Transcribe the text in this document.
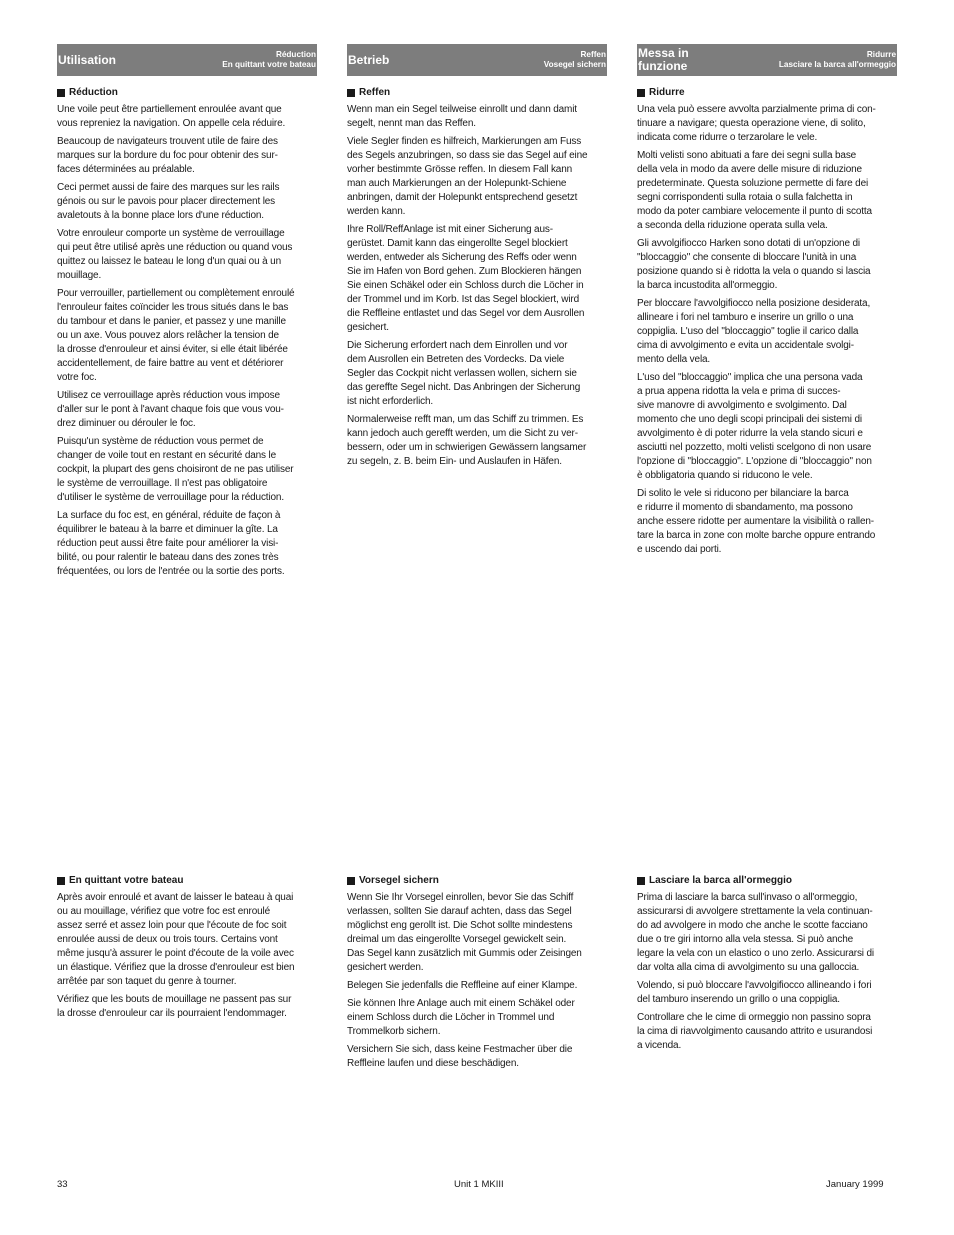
Utilisation	Réduction
En quittant votre bateau	Betrieb	Reffen
Vosegel sichern
Messa in
funzione
Ridurre
Lasciare la barca all'ormeggio
Réduction

Une voile peut être partiellement enroulée avant que
vous repreniez la navigation. On appelle cela réduire.

Beaucoup de navigateurs trouvent utile de faire des
marques sur la bordure du foc pour obtenir des sur-
faces déterminées au préalable.

Ceci permet aussi de faire des marques sur les rails
génois ou sur le pavois pour placer directement les
avaletouts à la bonne place lors d'une réduction.

Votre enrouleur comporte un système de verrouillage
qui peut être utilisé après une réduction ou quand vous
quittez ou laissez le bateau le long d'un quai ou à un
mouillage.

Pour verrouiller, partiellement ou complètement enroulé
l'enrouleur faites coïncider les trous situés dans le bas
du tambour et dans le panier, et passez y une manille
ou un axe. Vous pouvez alors relâcher la tension de
la drosse d'enrouleur et ainsi éviter, si elle était libérée
accidentellement, de faire battre au vent et détériorer
votre foc.

Utilisez ce verrouillage après réduction vous impose
d'aller sur le pont à l'avant chaque fois que vous vou-
drez diminuer ou dérouler le foc.

Puisqu'un système de réduction vous permet de
changer de voile tout en restant en sécurité dans le
cockpit, la plupart des gens choisiront de ne pas utiliser
le système de verrouillage. Il n'est pas obligatoire
d'utiliser le système de verrouillage pour la réduction.

La surface du foc est, en général, réduite de façon à
équilibrer le bateau à la barre et diminuer la gîte. La
réduction peut aussi être faite pour améliorer la visi-
bilité, ou pour ralentir le bateau dans des zones très
fréquentées, ou lors de l'entrée ou la sortie des ports.

Reffen

Wenn man ein Segel teilweise einrollt und dann damit
segelt, nennt man das Reffen.

Viele Segler finden es hilfreich, Markierungen am Fuss
des Segels anzubringen, so dass sie das Segel auf eine
vorher bestimmte Grösse reffen. In diesem Fall kann
man auch Markierungen an der Holepunkt-Schiene
anbringen, damit der Holepunkt entsprechend gesetzt
werden kann.

Ihre Roll/ReffAnlage ist mit einer Sicherung aus-
gerüstet. Damit kann das eingerollte Segel blockiert
werden, entweder als Sicherung des Reffs oder wenn
Sie im Hafen von Bord gehen. Zum Blockieren hängen
Sie einen Schäkel oder ein Schloss durch die Löcher in
der Trommel und im Korb. Ist das Segel blockiert, wird
die Reffleine entlastet und das Segel vor dem Ausrollen
gesichert.

Die Sicherung erfordert nach dem Einrollen und vor
dem Ausrollen ein Betreten des Vordecks. Da viele
Segler das Cockpit nicht verlassen wollen, sichern sie
das gereffte Segel nicht. Das Anbringen der Sicherung
ist nicht erforderlich.

Normalerweise refft man, um das Schiff zu trimmen. Es
kann jedoch auch gerefft werden, um die Sicht zu ver-
bessern, oder um in schwierigen Gewässern langsamer
zu segeln, z. B. beim Ein- und Auslaufen in Häfen.

Ridurre

Una vela può essere avvolta parzialmente prima di con-
tinuare a navigare; questa operazione viene, di solito,
indicata come ridurre o terzarolare le vele.

Molti velisti sono abituati a fare dei segni sulla base
della vela in modo da avere delle misure di riduzione
predeterminate. Questa soluzione permette di fare dei
segni corrispondenti sulla rotaia o sulla falchetta in
modo da poter cambiare velocemente il punto di scotta
a seconda della riduzione operata sulla vela.

Gli avvolgifiocco Harken sono dotati di un'opzione di
"bloccaggio" che consente di bloccare l'unità in una
posizione quando si è ridotta la vela o quando si lascia
la barca incustodita all'ormeggio.

Per bloccare l'avvolgifiocco nella posizione desiderata,
allineare i fori nel tamburo e inserire un grillo o una
coppiglia. L'uso del "bloccaggio" toglie il carico dalla
cima di avvolgimento e evita un accidentale svolgi-
mento della vela.

L'uso del "bloccaggio" implica che una persona vada
a prua appena ridotta la vela e prima di succes-
sive manovre di avvolgimento e svolgimento. Dal
momento che uno degli scopi principali dei sistemi di
avvolgimento è di poter ridurre la vela stando sicuri e
asciutti nel pozzetto, molti velisti scelgono di non usare
l'opzione di "bloccaggio". L'opzione di "bloccaggio" non
è obbligatoria quando si riducono le vele.

Di solito le vele si riducono per bilanciare la barca
e ridurre il momento di sbandamento, ma possono
anche essere ridotte per aumentare la visibilità o rallen-
tare la barca in zone con molte barche oppure entrando
e uscendo dai porti.

En quittant votre bateau

Après avoir enroulé et avant de laisser le bateau à quai
ou au mouillage, vérifiez que votre foc est enroulé
assez serré et assez loin pour que l'écoute de foc soit
enroulée aussi de deux ou trois tours. Certains vont
même jusqu'à assurer le point d'écoute de la voile avec
un élastique. Vérifiez que la drosse d'enrouleur est bien
arrêtée par son taquet du genre à tourner.

Vérifiez que les bouts de mouillage ne passent pas sur
la drosse d'enrouleur car ils pourraient l'endommager.

Vorsegel sichern

Wenn Sie Ihr Vorsegel einrollen, bevor Sie das Schiff
verlassen, sollten Sie darauf achten, dass das Segel
möglichst eng gerollt ist. Die Schot sollte mindestens
dreimal um das eingerollte Vorsegel gewickelt sein.
Das Segel kann zusätzlich mit Gummis oder Zeisingen
gesichert werden.

Belegen Sie jedenfalls die Reffleine auf einer Klampe.

Sie können Ihre Anlage auch mit einem Schäkel oder
einem Schloss durch die Löcher in Trommel und
Trommelkorb sichern.

Versichern Sie sich, dass keine Festmacher über die
Reffleine laufen und diese beschädigen.

Lasciare la barca all'ormeggio

Prima di lasciare la barca sull'invaso o all'ormeggio,
assicurarsi di avvolgere strettamente la vela continuan-
do ad avvolgere in modo che anche le scotte facciano
due o tre giri intorno alla vela stessa. Si può anche
legare la vela con un elastico o uno zerlo. Assicurarsi di
dar volta alla cima di avvolgimento su una galloccia.

Volendo, si può bloccare l'avvolgifiocco allineando i fori
del tamburo inserendo un grillo o una coppiglia.

Controllare che le cime di ormeggio non passino sopra
la cima di riavvolgimento causando attrito e usurandosi
a vicenda.

33	Unit 1 MKIII	January 1999
